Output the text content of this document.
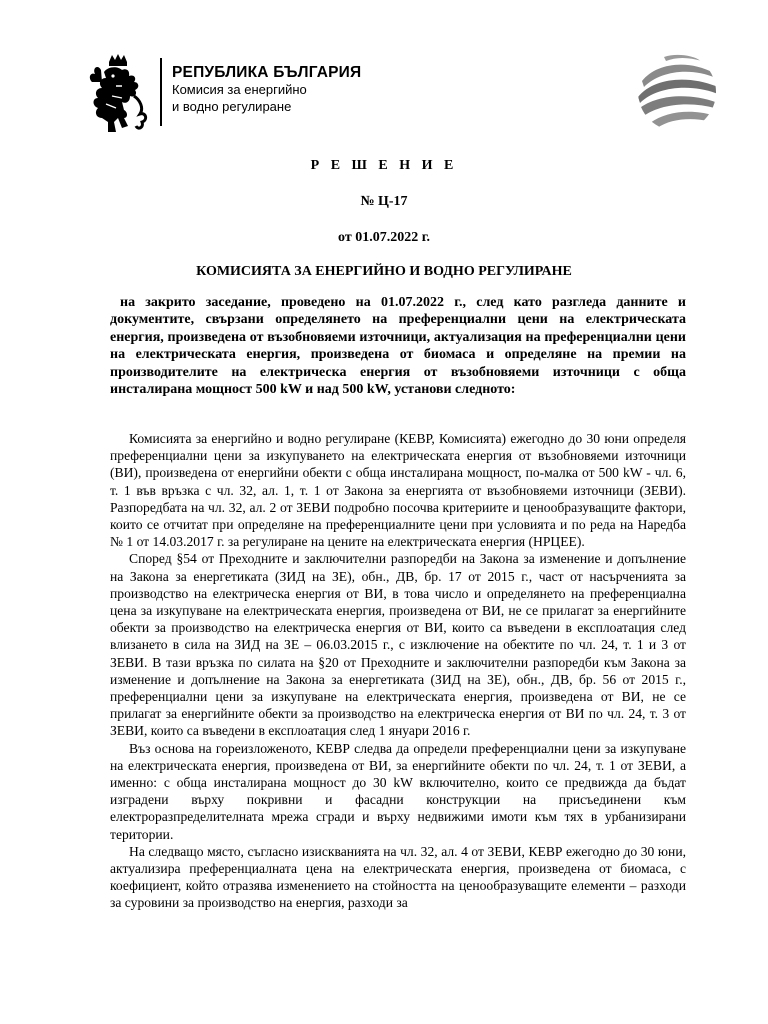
РЕПУБЛИКА БЪЛГАРИЯ
Комисия за енергийно
и водно регулиране
Р Е Ш Е Н И Е
№ Ц-17
от 01.07.2022 г.
КОМИСИЯТА ЗА ЕНЕРГИЙНО И ВОДНО РЕГУЛИРАНЕ

на закрито заседание, проведено на 01.07.2022 г., след като разгледа данните и документите, свързани определянето на преференциални цени на електрическата енергия, произведена от възобновяеми източници, актуализация на преференциални цени на електрическата енергия, произведена от биомаса и определяне на премии на производителите на електрическа енергия от възобновяеми източници с обща инсталирана мощност 500 kW и над 500 kW, установи следното:

Комисията за енергийно и водно регулиране (КЕВР, Комисията) ежегодно до 30 юни определя преференциални цени за изкупуването на електрическата енергия от възобновяеми източници (ВИ), произведена от енергийни обекти с обща инсталирана мощност, по-малка от 500 kW - чл. 6, т. 1 във връзка с чл. 32, ал. 1, т. 1 от Закона за енергията от възобновяеми източници (ЗЕВИ). Разпоредбата на чл. 32, ал. 2 от ЗЕВИ подробно посочва критериите и ценообразуващите фактори, които се отчитат при определяне на преференциалните цени при условията и по реда на Наредба № 1 от 14.03.2017 г. за регулиране на цените на електрическата енергия (НРЦЕЕ).

Според §54 от Преходните и заключителни разпоредби на Закона за изменение и допълнение на Закона за енергетиката (ЗИД на ЗЕ), обн., ДВ, бр. 17 от 2015 г., част от насърченията за производство на електрическа енергия от ВИ, в това число и определянето на преференциална цена за изкупуване на електрическата енергия, произведена от ВИ, не се прилагат за енергийните обекти за производство на електрическа енергия от ВИ, които са въведени в експлоатация след влизането в сила на ЗИД на ЗЕ – 06.03.2015 г., с изключение на обектите по чл. 24, т. 1 и 3 от ЗЕВИ. В тази връзка по силата на §20 от Преходните и заключителни разпоредби към Закона за изменение и допълнение на Закона за енергетиката (ЗИД на ЗЕ), обн., ДВ, бр. 56 от 2015 г., преференциални цени за изкупуване на електрическата енергия, произведена от ВИ, не се прилагат за енергийните обекти за производство на електрическа енергия от ВИ по чл. 24, т. 3 от ЗЕВИ, които са въведени в експлоатация след 1 януари 2016 г.

Въз основа на гореизложеното, КЕВР следва да определи преференциални цени за изкупуване на електрическата енергия, произведена от ВИ, за енергийните обекти по чл. 24, т. 1 от ЗЕВИ, а именно: с обща инсталирана мощност до 30 kW включително, които се предвижда да бъдат изградени върху покривни и фасадни конструкции на присъединени към електроразпределителната мрежа сгради и върху недвижими имоти към тях в урбанизирани територии.

На следващо място, съгласно изискванията на чл. 32, ал. 4 от ЗЕВИ, КЕВР ежегодно до 30 юни, актуализира преференциалната цена на електрическата енергия, произведена от биомаса, с коефициент, който отразява изменението на стойността на ценообразуващите елементи – разходи за суровини за производство на енергия, разходи за
